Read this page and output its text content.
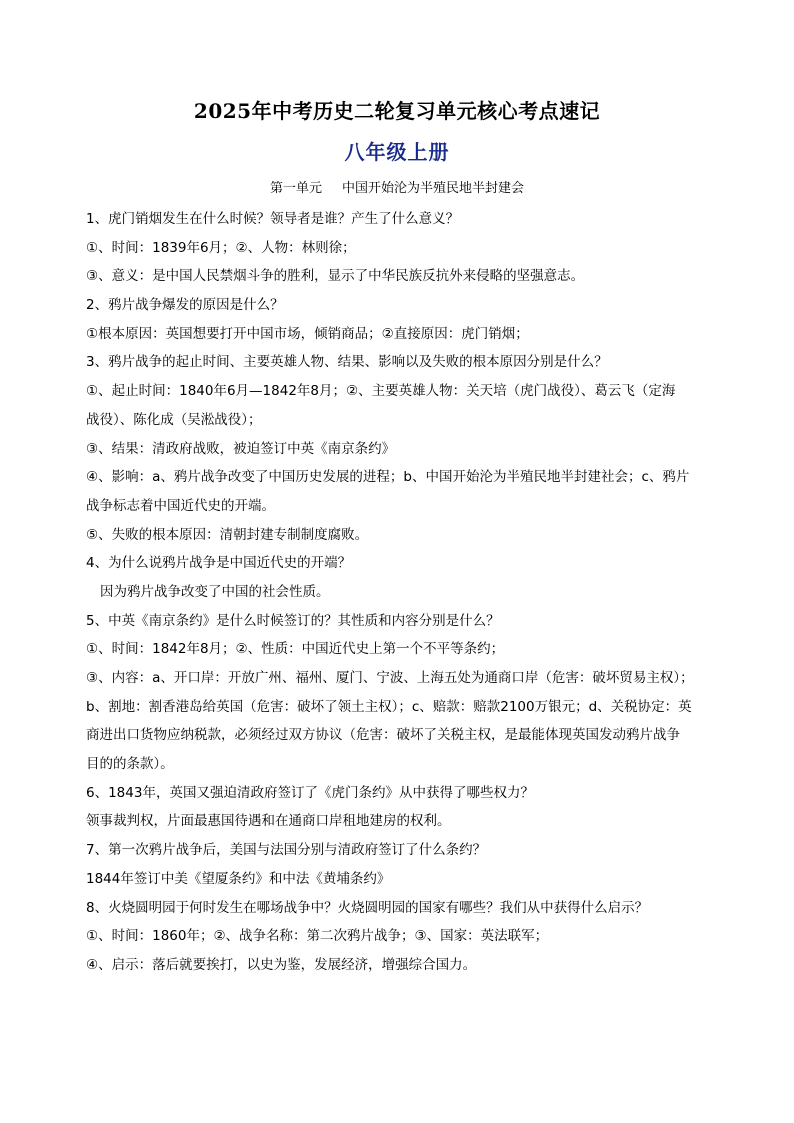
2025年中考历史二轮复习单元核心考点速记
八年级上册
第一单元 中国开始沦为半殖民地半封建会
1、虎门销烟发生在什么时候？领导者是谁？产生了什么意义？
①、时间：1839年6月；②、人物：林则徐；
③、意义：是中国人民禁烟斗争的胜利，显示了中华民族反抗外来侵略的坚强意志。
2、鸦片战争爆发的原因是什么？
①根本原因：英国想要打开中国市场，倾销商品；②直接原因：虎门销烟；
3、鸦片战争的起止时间、主要英雄人物、结果、影响以及失败的根本原因分别是什么？
①、起止时间：1840年6月—1842年8月；②、主要英雄人物：关天培（虎门战役）、葛云飞（定海
战役）、陈化成（吴淞战役）；
③、结果：清政府战败，被迫签订中英《南京条约》
④、影响：a、鸦片战争改变了中国历史发展的进程；b、中国开始沦为半殖民地半封建社会；c、鸦片
战争标志着中国近代史的开端。
⑤、失败的根本原因：清朝封建专制制度腐败。
4、为什么说鸦片战争是中国近代史的开端？
因为鸦片战争改变了中国的社会性质。
5、中英《南京条约》是什么时候签订的？其性质和内容分别是什么？
①、时间：1842年8月；②、性质：中国近代史上第一个不平等条约；
③、内容：a、开口岸：开放广州、福州、厦门、宁波、上海五处为通商口岸（危害：破坏贸易主权）；
b、割地：割香港岛给英国（危害：破坏了领土主权）；c、赔款：赔款2100万银元；d、关税协定：英
商进出口货物应纳税款，必须经过双方协议（危害：破坏了关税主权，是最能体现英国发动鸦片战争
目的的条款）。
6、1843年，英国又强迫清政府签订了《虎门条约》从中获得了哪些权力？
领事裁判权，片面最惠国待遇和在通商口岸租地建房的权利。
7、第一次鸦片战争后，美国与法国分别与清政府签订了什么条约？
1844年签订中美《望厦条约》和中法《黄埔条约》
8、火烧圆明园于何时发生在哪场战争中？火烧圆明园的国家有哪些？我们从中获得什么启示？
①、时间：1860年；②、战争名称：第二次鸦片战争；③、国家：英法联军；
④、启示：落后就要挨打，以史为鉴，发展经济，增强综合国力。
